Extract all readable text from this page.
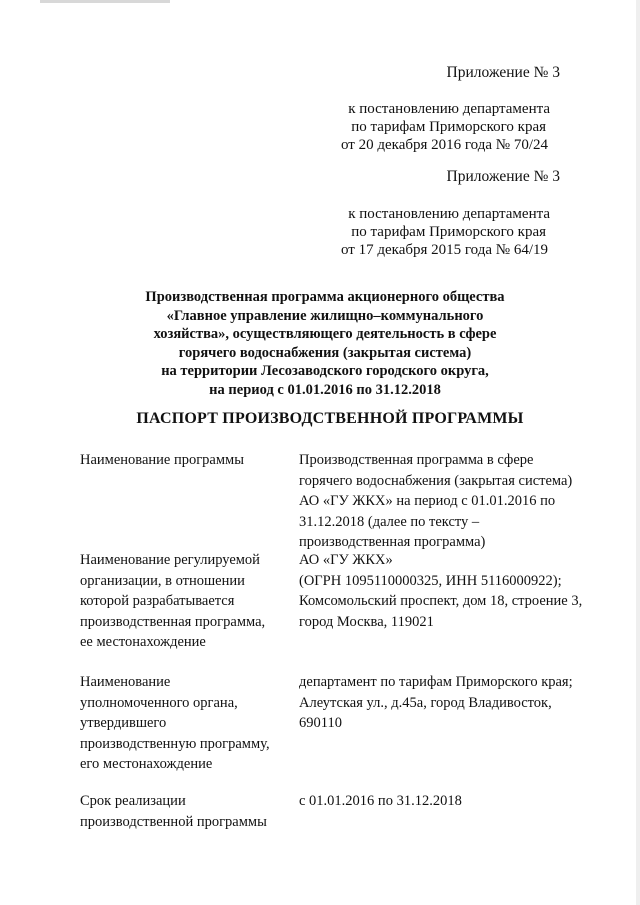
Приложение № 3
к постановлению департамента
по тарифам Приморского края
от 20 декабря 2016 года № 70/24
Приложение № 3
к постановлению департамента
по тарифам Приморского края
от 17 декабря 2015 года № 64/19
Производственная программа акционерного общества
«Главное управление жилищно–коммунального
хозяйства», осуществляющего деятельность в сфере
горячего водоснабжения (закрытая система)
на территории Лесозаводского городского округа,
на период с 01.01.2016 по 31.12.2018
ПАСПОРТ ПРОИЗВОДСТВЕННОЙ ПРОГРАММЫ
Наименование программы	Производственная программа в сфере
горячего водоснабжения (закрытая система)
АО «ГУ ЖКХ» на период с 01.01.2016 по
31.12.2018 (далее по тексту –
производственная программа)
Наименование регулируемой
организации, в отношении
которой разрабатывается
производственная программа,
ее местонахождение
АО «ГУ ЖКХ»
(ОГРН 1095110000325, ИНН 5116000922);
Комсомольский проспект, дом 18, строение 3,
город Москва, 119021
Наименование
уполномоченного органа,
утвердившего
производственную программу,
его местонахождение
департамент по тарифам Приморского края;
Алеутская ул., д.45а, город Владивосток,
690110
Срок реализации
производственной программы
с 01.01.2016 по 31.12.2018
